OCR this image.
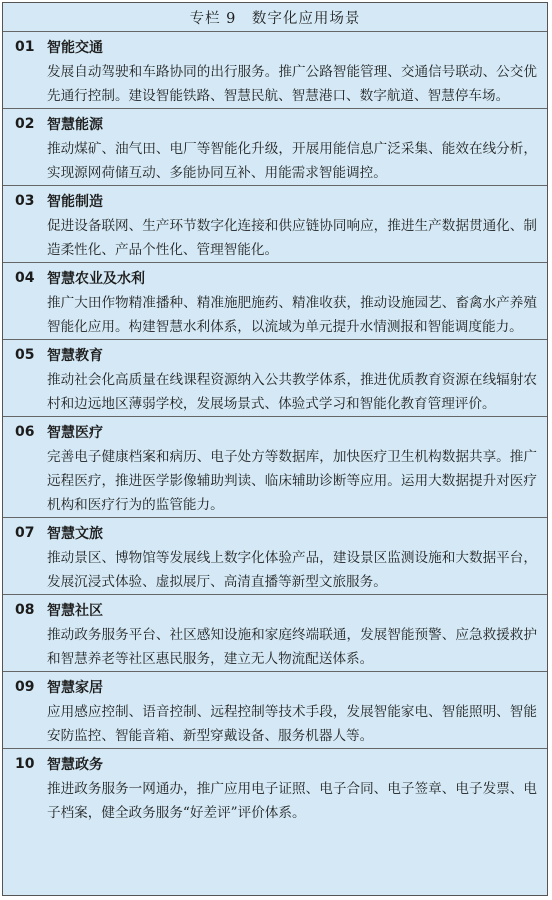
专栏 9　数字化应用场景
01 智能交通

发展自动驾驶和车路协同的出行服务。推广公路智能管理、交通信号联动、公交优先通行控制。建设智能铁路、智慧民航、智慧港口、数字航道、智慧停车场。

02 智慧能源

推动煤矿、油气田、电厂等智能化升级，开展用能信息广泛采集、能效在线分析，实现源网荷储互动、多能协同互补、用能需求智能调控。

03 智能制造

促进设备联网、生产环节数字化连接和供应链协同响应，推进生产数据贯通化、制造柔性化、产品个性化、管理智能化。

04 智慧农业及水利

推广大田作物精准播种、精准施肥施药、精准收获，推动设施园艺、畜禽水产养殖智能化应用。构建智慧水利体系，以流域为单元提升水情测报和智能调度能力。

05 智慧教育

推动社会化高质量在线课程资源纳入公共教学体系，推进优质教育资源在线辐射农村和边远地区薄弱学校，发展场景式、体验式学习和智能化教育管理评价。

06 智慧医疗

完善电子健康档案和病历、电子处方等数据库，加快医疗卫生机构数据共享。推广远程医疗，推进医学影像辅助判读、临床辅助诊断等应用。运用大数据提升对医疗机构和医疗行为的监管能力。

07 智慧文旅

推动景区、博物馆等发展线上数字化体验产品，建设景区监测设施和大数据平台，发展沉浸式体验、虚拟展厅、高清直播等新型文旅服务。

08 智慧社区

推动政务服务平台、社区感知设施和家庭终端联通，发展智能预警、应急救援救护和智慧养老等社区惠民服务，建立无人物流配送体系。

09 智慧家居

应用感应控制、语音控制、远程控制等技术手段，发展智能家电、智能照明、智能安防监控、智能音箱、新型穿戴设备、服务机器人等。

10 智慧政务

推进政务服务一网通办，推广应用电子证照、电子合同、电子签章、电子发票、电子档案，健全政务服务“好差评”评价体系。
